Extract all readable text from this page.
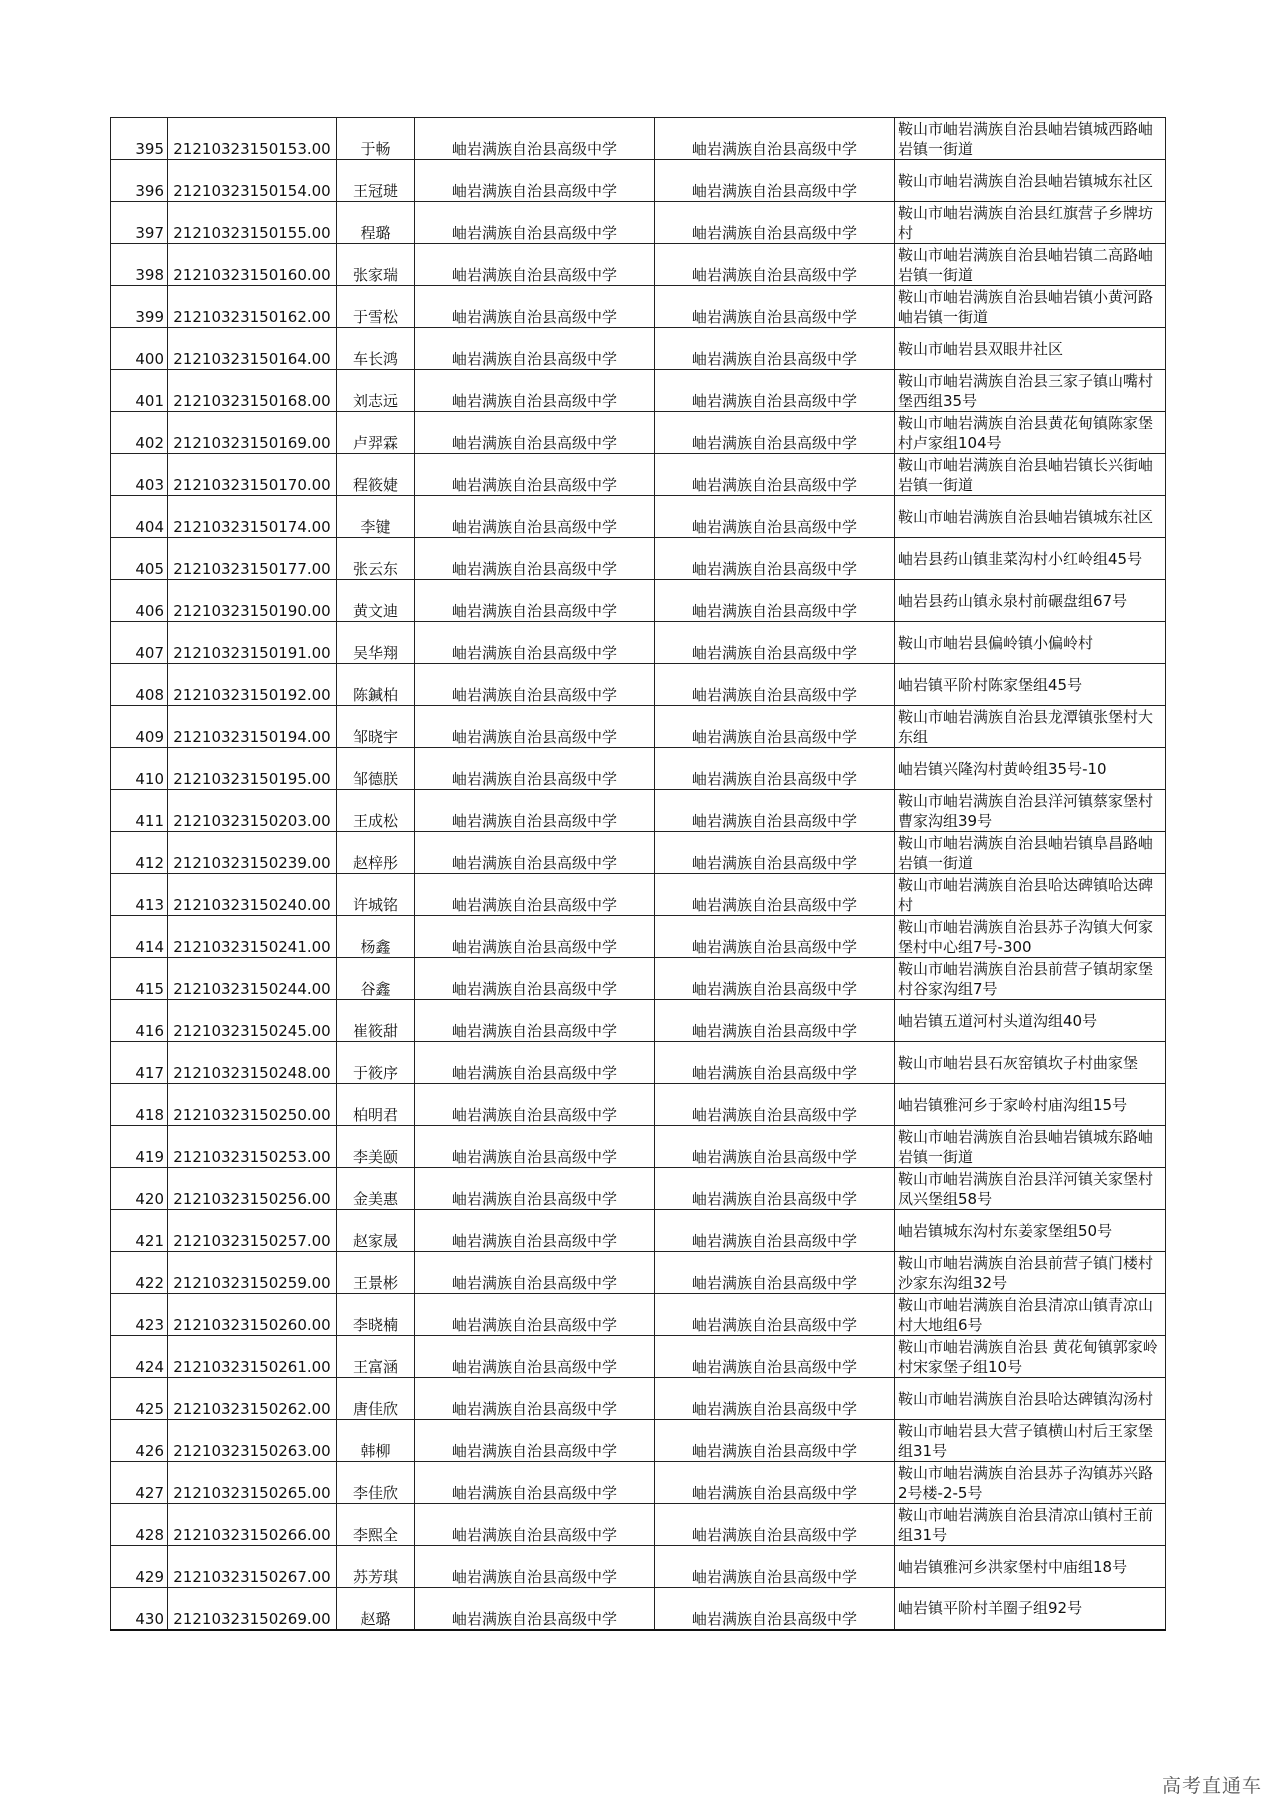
395	21210323150153.00	于畅	岫岩满族自治县高级中学	岫岩满族自治县高级中学	鞍山市岫岩满族自治县岫岩镇城西路岫岩镇一街道
396	21210323150154.00	王冠琎	岫岩满族自治县高级中学	岫岩满族自治县高级中学	鞍山市岫岩满族自治县岫岩镇城东社区
397	21210323150155.00	程璐	岫岩满族自治县高级中学	岫岩满族自治县高级中学	鞍山市岫岩满族自治县红旗营子乡牌坊村
398	21210323150160.00	张家瑞	岫岩满族自治县高级中学	岫岩满族自治县高级中学	鞍山市岫岩满族自治县岫岩镇二高路岫岩镇一街道
399	21210323150162.00	于雪松	岫岩满族自治县高级中学	岫岩满族自治县高级中学	鞍山市岫岩满族自治县岫岩镇小黄河路岫岩镇一街道
400	21210323150164.00	车长鸿	岫岩满族自治县高级中学	岫岩满族自治县高级中学	鞍山市岫岩县双眼井社区
401	21210323150168.00	刘志远	岫岩满族自治县高级中学	岫岩满族自治县高级中学	鞍山市岫岩满族自治县三家子镇山嘴村堡西组35号
402	21210323150169.00	卢羿霖	岫岩满族自治县高级中学	岫岩满族自治县高级中学	鞍山市岫岩满族自治县黄花甸镇陈家堡村卢家组104号
403	21210323150170.00	程筱婕	岫岩满族自治县高级中学	岫岩满族自治县高级中学	鞍山市岫岩满族自治县岫岩镇长兴街岫岩镇一街道
404	21210323150174.00	李键	岫岩满族自治县高级中学	岫岩满族自治县高级中学	鞍山市岫岩满族自治县岫岩镇城东社区
405	21210323150177.00	张云东	岫岩满族自治县高级中学	岫岩满族自治县高级中学	岫岩县药山镇韭菜沟村小红岭组45号
406	21210323150190.00	黄文迪	岫岩满族自治县高级中学	岫岩满族自治县高级中学	岫岩县药山镇永泉村前碾盘组67号
407	21210323150191.00	吴华翔	岫岩满族自治县高级中学	岫岩满族自治县高级中学	鞍山市岫岩县偏岭镇小偏岭村
408	21210323150192.00	陈鍼柏	岫岩满族自治县高级中学	岫岩满族自治县高级中学	岫岩镇平阶村陈家堡组45号
409	21210323150194.00	邹晓宇	岫岩满族自治县高级中学	岫岩满族自治县高级中学	鞍山市岫岩满族自治县龙潭镇张堡村大东组
410	21210323150195.00	邹德朕	岫岩满族自治县高级中学	岫岩满族自治县高级中学	岫岩镇兴隆沟村黄岭组35号-10
411	21210323150203.00	王成松	岫岩满族自治县高级中学	岫岩满族自治县高级中学	鞍山市岫岩满族自治县洋河镇蔡家堡村曹家沟组39号
412	21210323150239.00	赵梓彤	岫岩满族自治县高级中学	岫岩满族自治县高级中学	鞍山市岫岩满族自治县岫岩镇阜昌路岫岩镇一街道
413	21210323150240.00	许城铭	岫岩满族自治县高级中学	岫岩满族自治县高级中学	鞍山市岫岩满族自治县哈达碑镇哈达碑村
414	21210323150241.00	杨鑫	岫岩满族自治县高级中学	岫岩满族自治县高级中学	鞍山市岫岩满族自治县苏子沟镇大何家堡村中心组7号-300
415	21210323150244.00	谷鑫	岫岩满族自治县高级中学	岫岩满族自治县高级中学	鞍山市岫岩满族自治县前营子镇胡家堡村谷家沟组7号
416	21210323150245.00	崔筱甜	岫岩满族自治县高级中学	岫岩满族自治县高级中学	岫岩镇五道河村头道沟组40号
417	21210323150248.00	于筱序	岫岩满族自治县高级中学	岫岩满族自治县高级中学	鞍山市岫岩县石灰窑镇坎子村曲家堡
418	21210323150250.00	柏明君	岫岩满族自治县高级中学	岫岩满族自治县高级中学	岫岩镇雅河乡于家岭村庙沟组15号
419	21210323150253.00	李美颐	岫岩满族自治县高级中学	岫岩满族自治县高级中学	鞍山市岫岩满族自治县岫岩镇城东路岫岩镇一街道
420	21210323150256.00	金美惠	岫岩满族自治县高级中学	岫岩满族自治县高级中学	鞍山市岫岩满族自治县洋河镇关家堡村凤兴堡组58号
421	21210323150257.00	赵家晟	岫岩满族自治县高级中学	岫岩满族自治县高级中学	岫岩镇城东沟村东姜家堡组50号
422	21210323150259.00	王景彬	岫岩满族自治县高级中学	岫岩满族自治县高级中学	鞍山市岫岩满族自治县前营子镇门楼村沙家东沟组32号
423	21210323150260.00	李晓楠	岫岩满族自治县高级中学	岫岩满族自治县高级中学	鞍山市岫岩满族自治县清凉山镇青凉山村大地组6号
424	21210323150261.00	王富涵	岫岩满族自治县高级中学	岫岩满族自治县高级中学	鞍山市岫岩满族自治县 黄花甸镇郭家岭村宋家堡子组10号
425	21210323150262.00	唐佳欣	岫岩满族自治县高级中学	岫岩满族自治县高级中学	鞍山市岫岩满族自治县哈达碑镇沟汤村
426	21210323150263.00	韩柳	岫岩满族自治县高级中学	岫岩满族自治县高级中学	鞍山市岫岩县大营子镇横山村后王家堡组31号
427	21210323150265.00	李佳欣	岫岩满族自治县高级中学	岫岩满族自治县高级中学	鞍山市岫岩满族自治县苏子沟镇苏兴路2号楼-2-5号
428	21210323150266.00	李熙全	岫岩满族自治县高级中学	岫岩满族自治县高级中学	鞍山市岫岩满族自治县清凉山镇村王前组31号
429	21210323150267.00	苏芳琪	岫岩满族自治县高级中学	岫岩满族自治县高级中学	岫岩镇雅河乡洪家堡村中庙组18号
430	21210323150269.00	赵璐	岫岩满族自治县高级中学	岫岩满族自治县高级中学	岫岩镇平阶村羊圈子组92号
高考直通车
